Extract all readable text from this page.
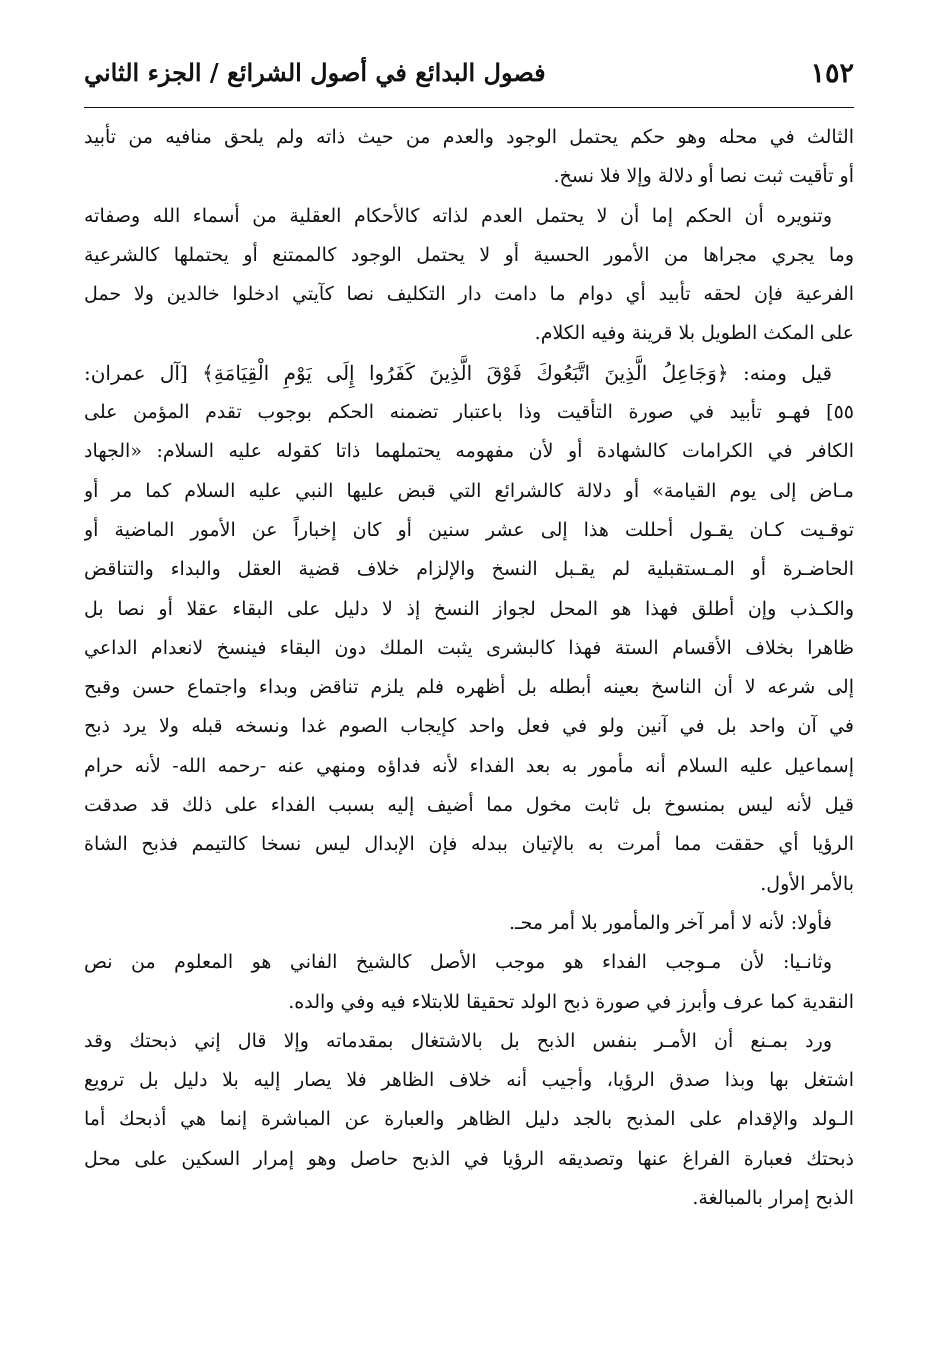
١٥٢
فصول البدائع في أصول الشرائع / الجزء الثاني
الثالث في محله وهو حكم يحتمل الوجود والعدم من حيث ذاته ولم يلحق منافيه من تأبيد
أو تأقيت ثبت نصا أو دلالة وإلا فلا نسخ.
وتنويره أن الحكم إما أن لا يحتمل العدم لذاته كالأحكام العقلية من أسماء الله وصفاته
وما يجري مجراها من الأمور الحسية أو لا يحتمل الوجود كالممتنع أو يحتملها كالشرعية
الفرعية فإن لحقه تأبيد أي دوام ما دامت دار التكليف نصا كآيتي ادخلوا خالدين ولا حمل
على المكث الطويل بلا قرينة وفيه الكلام.
قيل ومنه: ﴿وَجَاعِلُ الَّذِينَ اتَّبَعُوكَ فَوْقَ الَّذِينَ كَفَرُوا إِلَى يَوْمِ الْقِيَامَةِ﴾ [آل عمران:
٥٥] فهـو تأبيد في صورة التأقيت وذا باعتبار تضمنه الحكم بوجوب تقدم المؤمن على
الكافر في الكرامات كالشهادة أو لأن مفهومه يحتملهما ذاتا كقوله عليه السلام: «الجهاد
مـاض إلى يوم القيامة» أو دلالة كالشرائع التي قبض عليها النبي عليه السلام كما مر أو
توقـيت كـان يقـول أحللت هذا إلى عشر سنين أو كان إخباراً عن الأمور الماضية أو
الحاضـرة أو المـستقبلية لم يقـبل النسخ والإلزام خلاف قضية العقل والبداء والتناقض
والكـذب وإن أطلق فهذا هو المحل لجواز النسخ إذ لا دليل على البقاء عقلا أو نصا بل
ظاهرا بخلاف الأقسام الستة فهذا كالبشرى يثبت الملك دون البقاء فينسخ لانعدام الداعي
إلى شرعه لا أن الناسخ بعينه أبطله بل أظهره فلم يلزم تناقض وبداء واجتماع حسن وقبح
في آن واحد بل في آنين ولو في فعل واحد كإيجاب الصوم غدا ونسخه قبله ولا يرد ذبح
إسماعيل عليه السلام أنه مأمور به بعد الفداء لأنه فداؤه ومنهي عنه -رحمه الله- لأنه حرام
قيل لأنه ليس بمنسوخ بل ثابت مخول مما أضيف إليه بسبب الفداء على ذلك قد صدقت
الرؤيا أي حققت مما أمرت به بالإتيان ببدله فإن الإبدال ليس نسخا كالتيمم فذبح الشاة
بالأمر الأول.
فأولا: لأنه لا أمر آخر والمأمور بلا أمر محـ.
وثانـيا: لأن مـوجب الفداء هو موجب الأصل كالشيخ الفاني هو المعلوم من نص
النقدية كما عرف وأبرز في صورة ذبح الولد تحقيقا للابتلاء فيه وفي والده.
ورد بمـنع أن الأمـر بنفس الذبح بل بالاشتغال بمقدماته وإلا قال إني ذبحتك وقد
اشتغل بها وبذا صدق الرؤيا، وأجيب أنه خلاف الظاهر فلا يصار إليه بلا دليل بل ترويع
الـولد والإقدام على المذبح بالجد دليل الظاهر والعبارة عن المباشرة إنما هي أذبحك أما
ذبحتك فعبارة الفراغ عنها وتصديقه الرؤيا في الذبح حاصل وهو إمرار السكين على محل
الذبح إمرار بالمبالغة.
